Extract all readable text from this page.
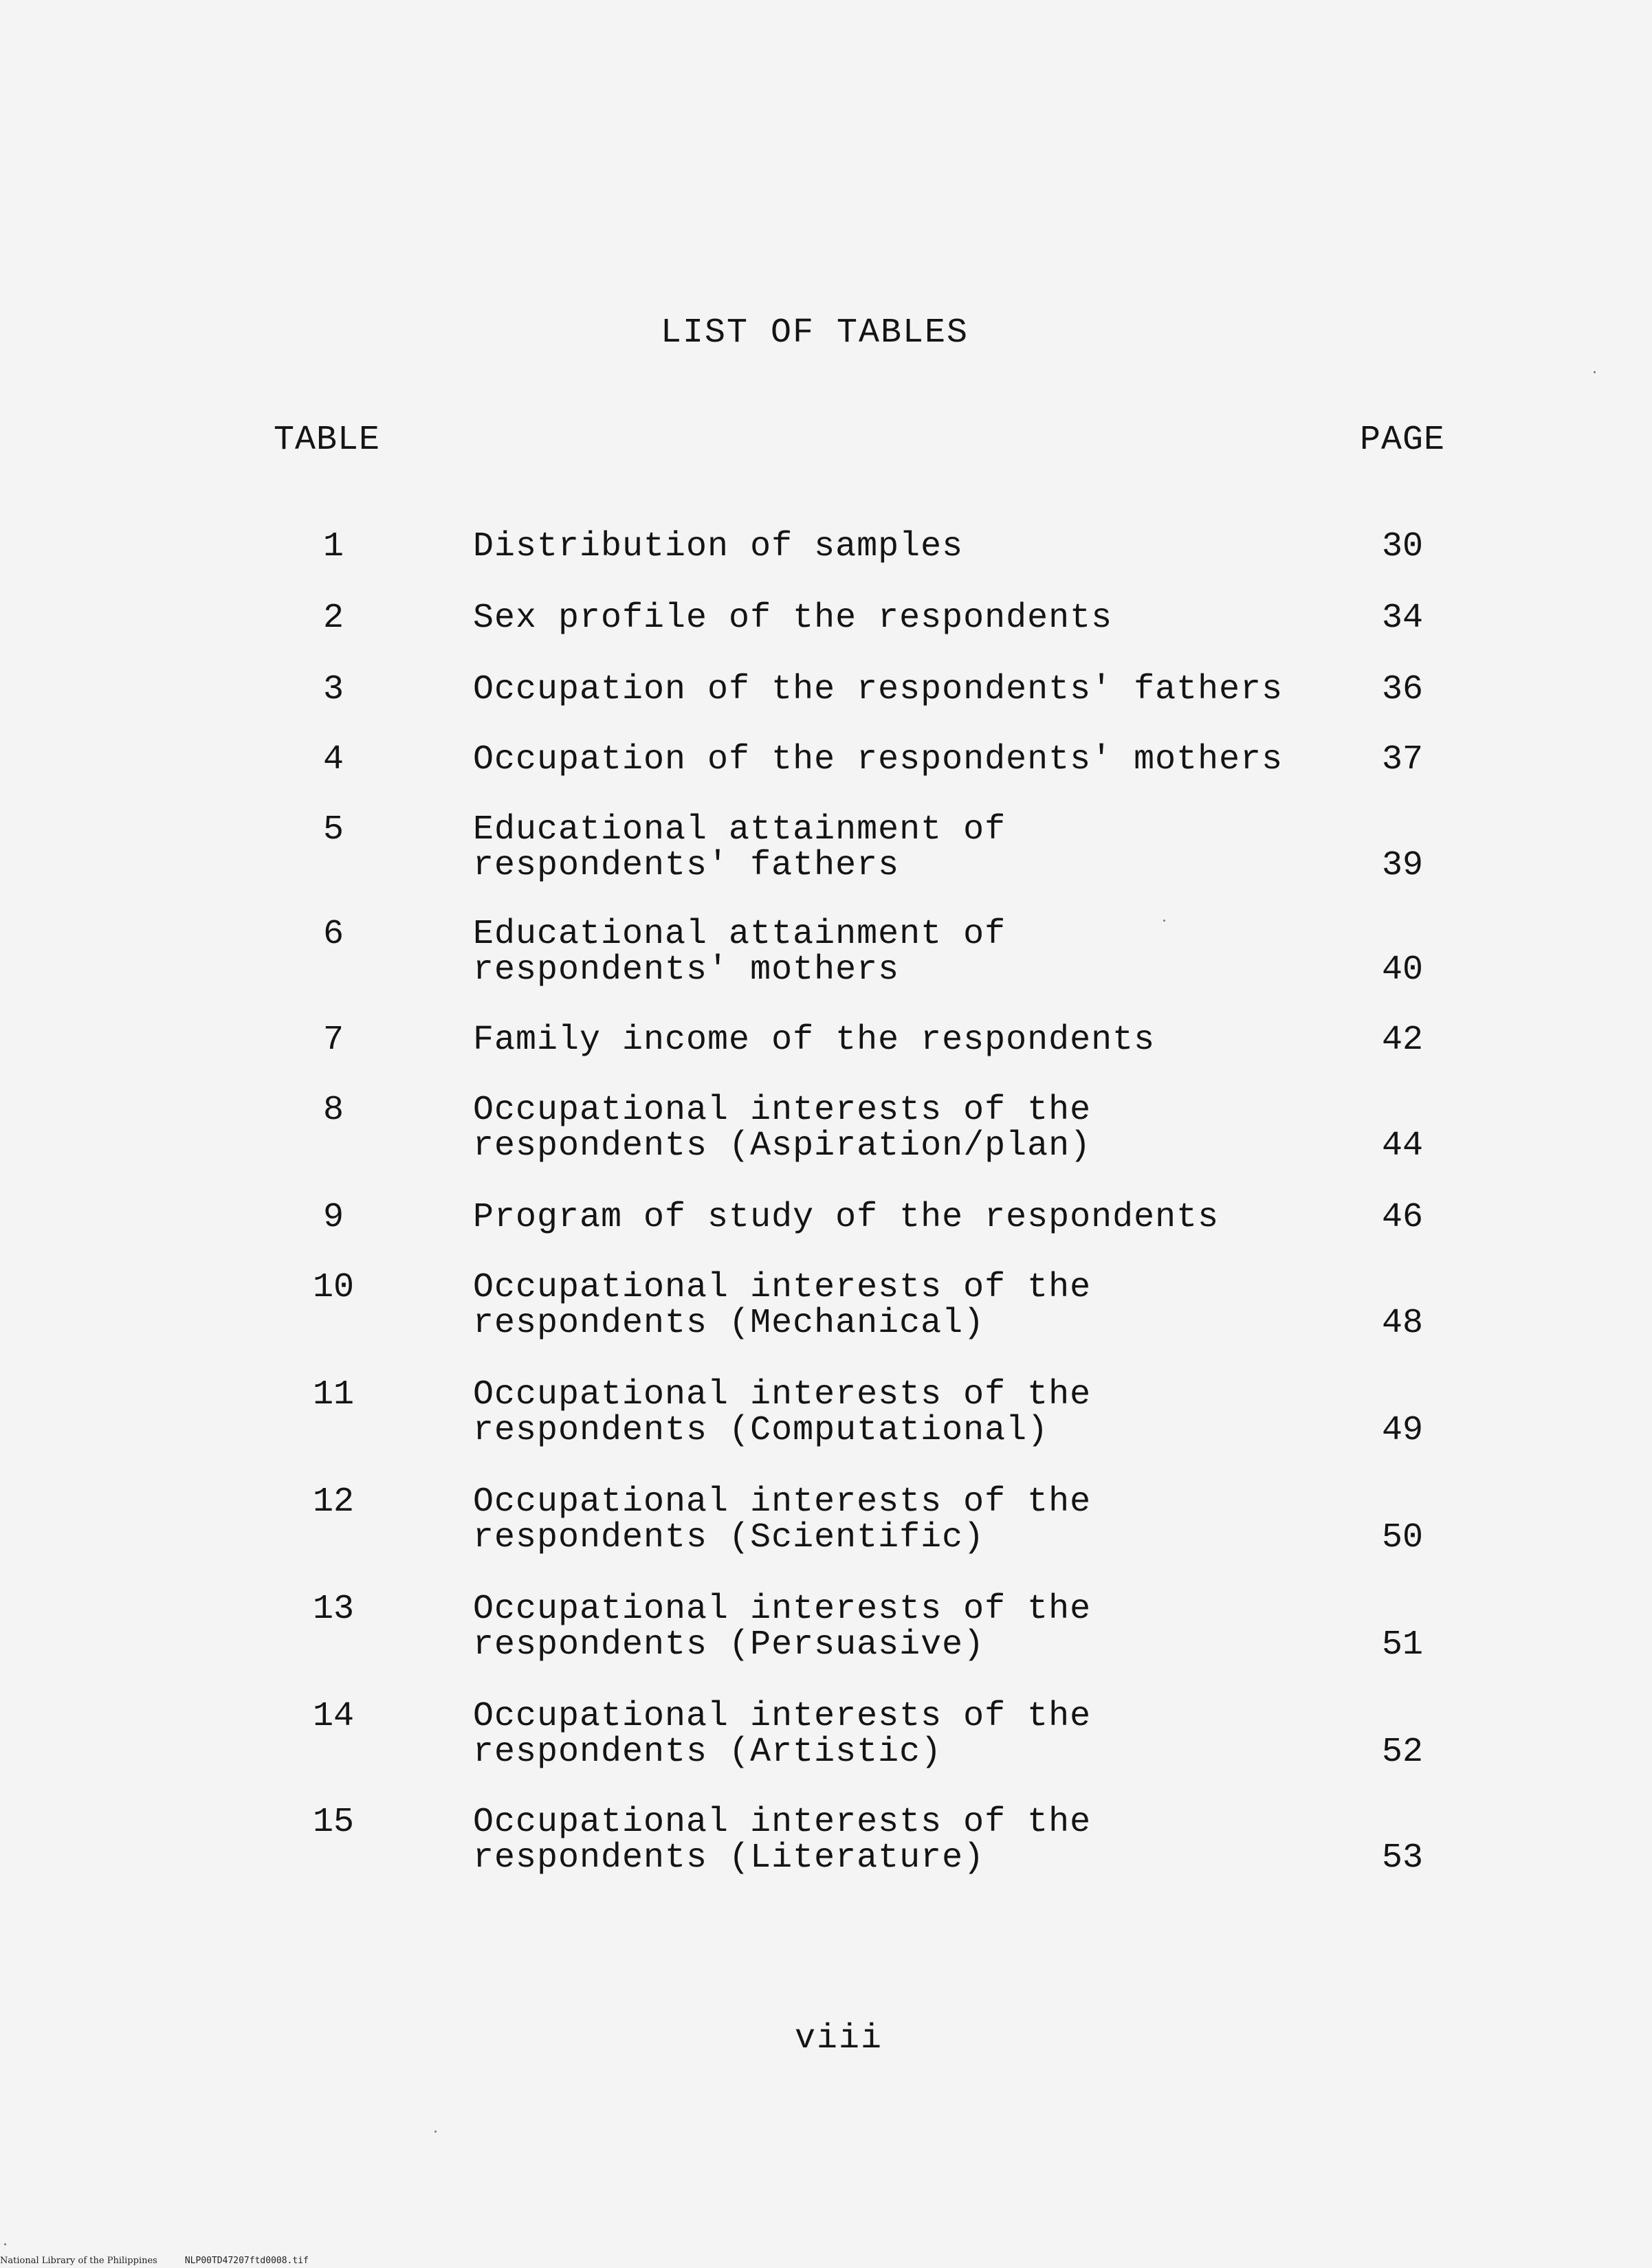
LIST OF TABLES
TABLE	PAGE
1	Distribution of samples	30
2	Sex profile of the respondents	34
3	Occupation of the respondents' fathers	36
4	Occupation of the respondents' mothers	37
5	Educational attainment of
respondents' fathers	39
6	Educational attainment of
respondents' mothers	40
7	Family income of the respondents	42
8	Occupational interests of the
respondents (Aspiration/plan)	44
9	Program of study of the respondents	46
10	Occupational interests of the
respondents (Mechanical)	48
11	Occupational interests of the
respondents (Computational)	49
12	Occupational interests of the
respondents (Scientific)	50
13	Occupational interests of the
respondents (Persuasive)	51
14	Occupational interests of the
respondents (Artistic)	52
15	Occupational interests of the
respondents (Literature)	53
viii
National Library of the Philippines	NLP00TD47207ftd0008.tif
